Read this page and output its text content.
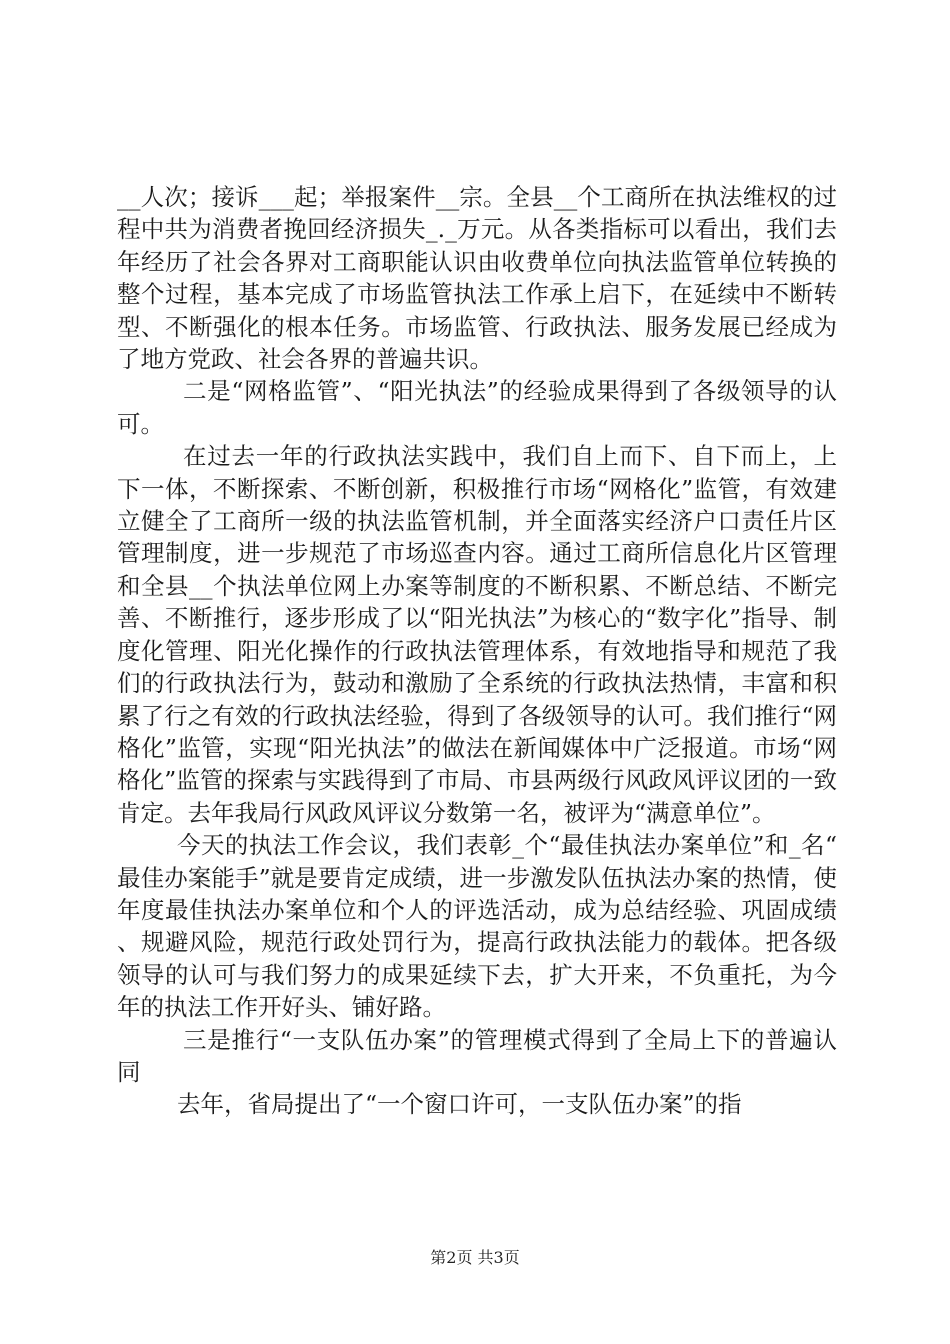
__人次；接诉___起；举报案件__宗。全县__个工商所在执法维权的过程中共为消费者挽回经济损失_._万元。从各类指标可以看出，我们去年经历了社会各界对工商职能认识由收费单位向执法监管单位转换的整个过程，基本完成了市场监管执法工作承上启下，在延续中不断转型、不断强化的根本任务。市场监管、行政执法、服务发展已经成为了地方党政、社会各界的普遍共识。

二是“网格监管”、“阳光执法”的经验成果得到了各级领导的认可。

在过去一年的行政执法实践中，我们自上而下、自下而上，上下一体，不断探索、不断创新，积极推行市场“网格化”监管，有效建立健全了工商所一级的执法监管机制，并全面落实经济户口责任片区管理制度，进一步规范了市场巡查内容。通过工商所信息化片区管理和全县__个执法单位网上办案等制度的不断积累、不断总结、不断完善、不断推行，逐步形成了以“阳光执法”为核心的“数字化”指导、制度化管理、阳光化操作的行政执法管理体系，有效地指导和规范了我们的行政执法行为，鼓动和激励了全系统的行政执法热情，丰富和积累了行之有效的行政执法经验，得到了各级领导的认可。我们推行“网格化”监管，实现“阳光执法”的做法在新闻媒体中广泛报道。市场“网格化”监管的探索与实践得到了市局、市县两级行风政风评议团的一致肯定。去年我局行风政风评议分数第一名，被评为“满意单位”。

今天的执法工作会议，我们表彰_个“最佳执法办案单位”和_名“最佳办案能手”就是要肯定成绩，进一步激发队伍执法办案的热情，使年度最佳执法办案单位和个人的评选活动，成为总结经验、巩固成绩、规避风险，规范行政处罚行为，提高行政执法能力的载体。把各级领导的认可与我们努力的成果延续下去，扩大开来，不负重托，为今年的执法工作开好头、铺好路。

三是推行“一支队伍办案”的管理模式得到了全局上下的普遍认同

去年，省局提出了“一个窗口许可，一支队伍办案”的指

第2页 共3页
